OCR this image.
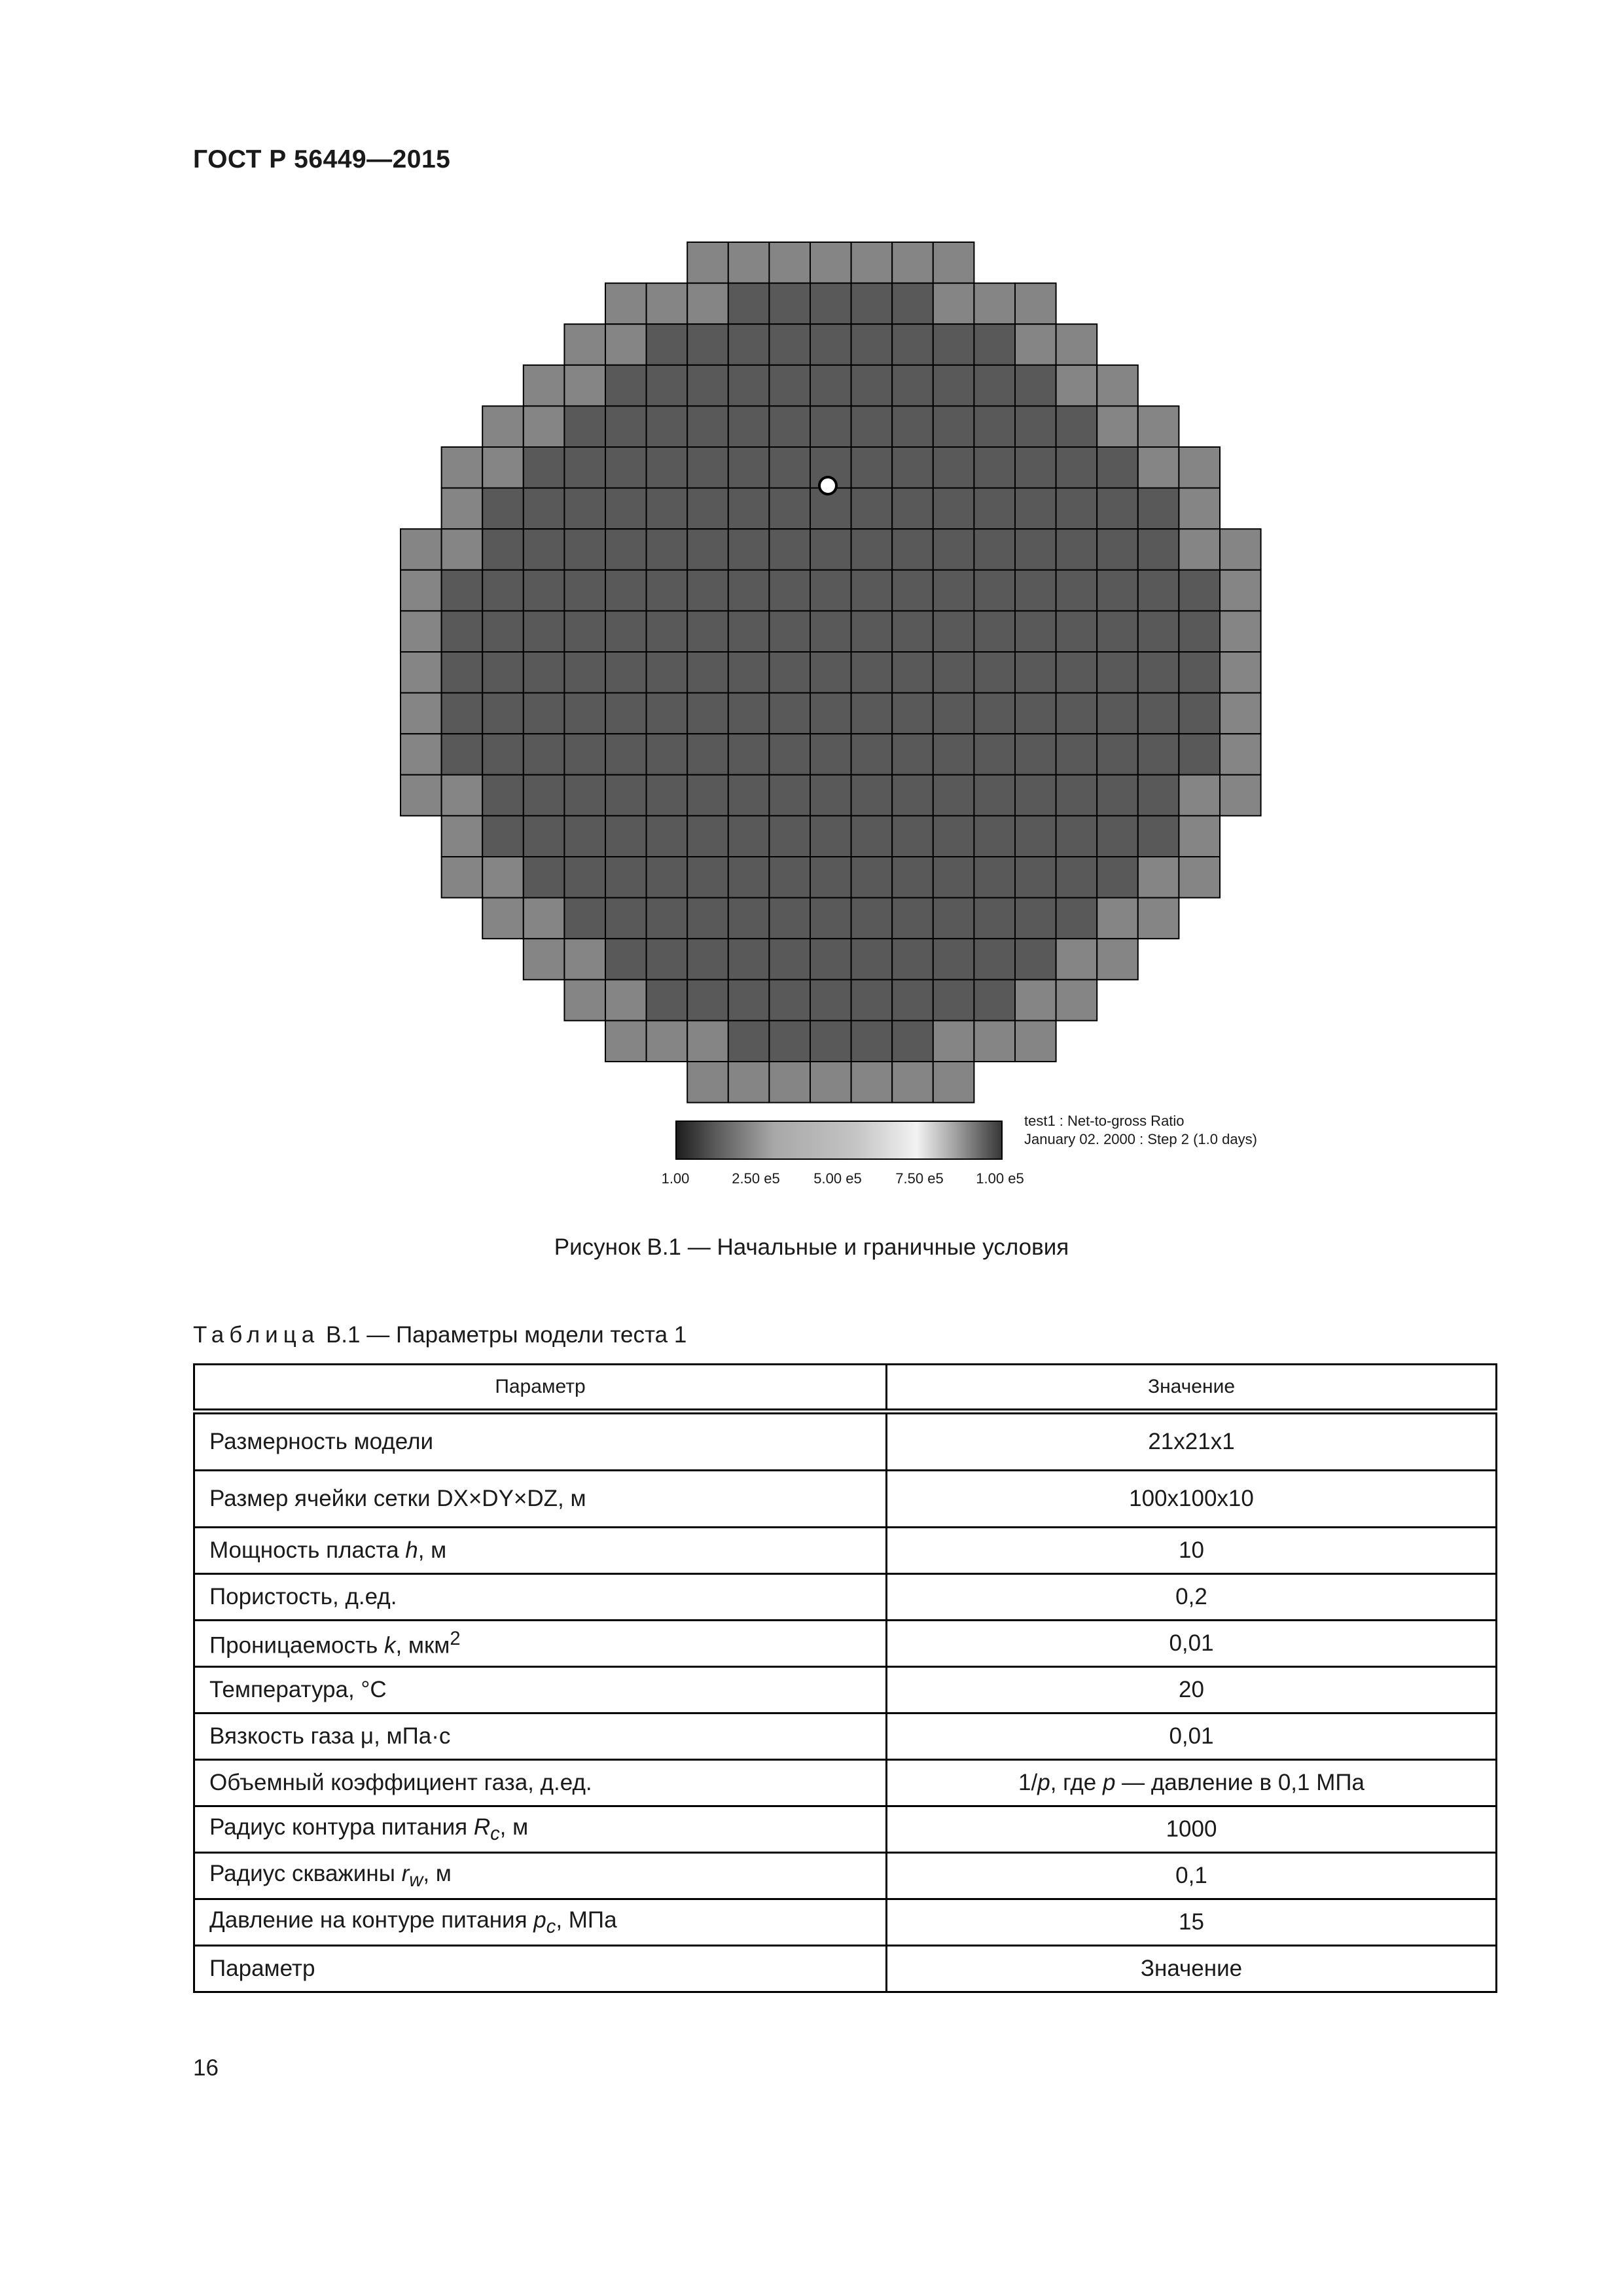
ГОСТ Р 56449—2015
1.00	2.50 e5 5.00 e5 7.50 e5 1.00 e5
test1 : Net-to-gross Ratio
January 02. 2000 : Step 2 (1.0 days)
Рисунок В.1 — Начальные и граничные условия
Таблица В.1 — Параметры модели теста 1
Параметр	Значение
Размерность модели	21x21x1
Размер ячейки сетки DX×DY×DZ, м	100x100x10
Мощность пласта h, м	10
Пористость, д.ед.	0,2
Проницаемость k, мкм$^2$	0,01
Температура, °C	20
Вязкость газа μ, мПа·с	0,01
Объемный коэффициент газа, д.ед.	1/p, где p — давление в 0,1 МПа
Радиус контура питания $R_c$, м	1000
Радиус скважины $r_w$, м	0,1
Давление на контуре питания $p_c$, МПа	15
Параметр	Значение
16
